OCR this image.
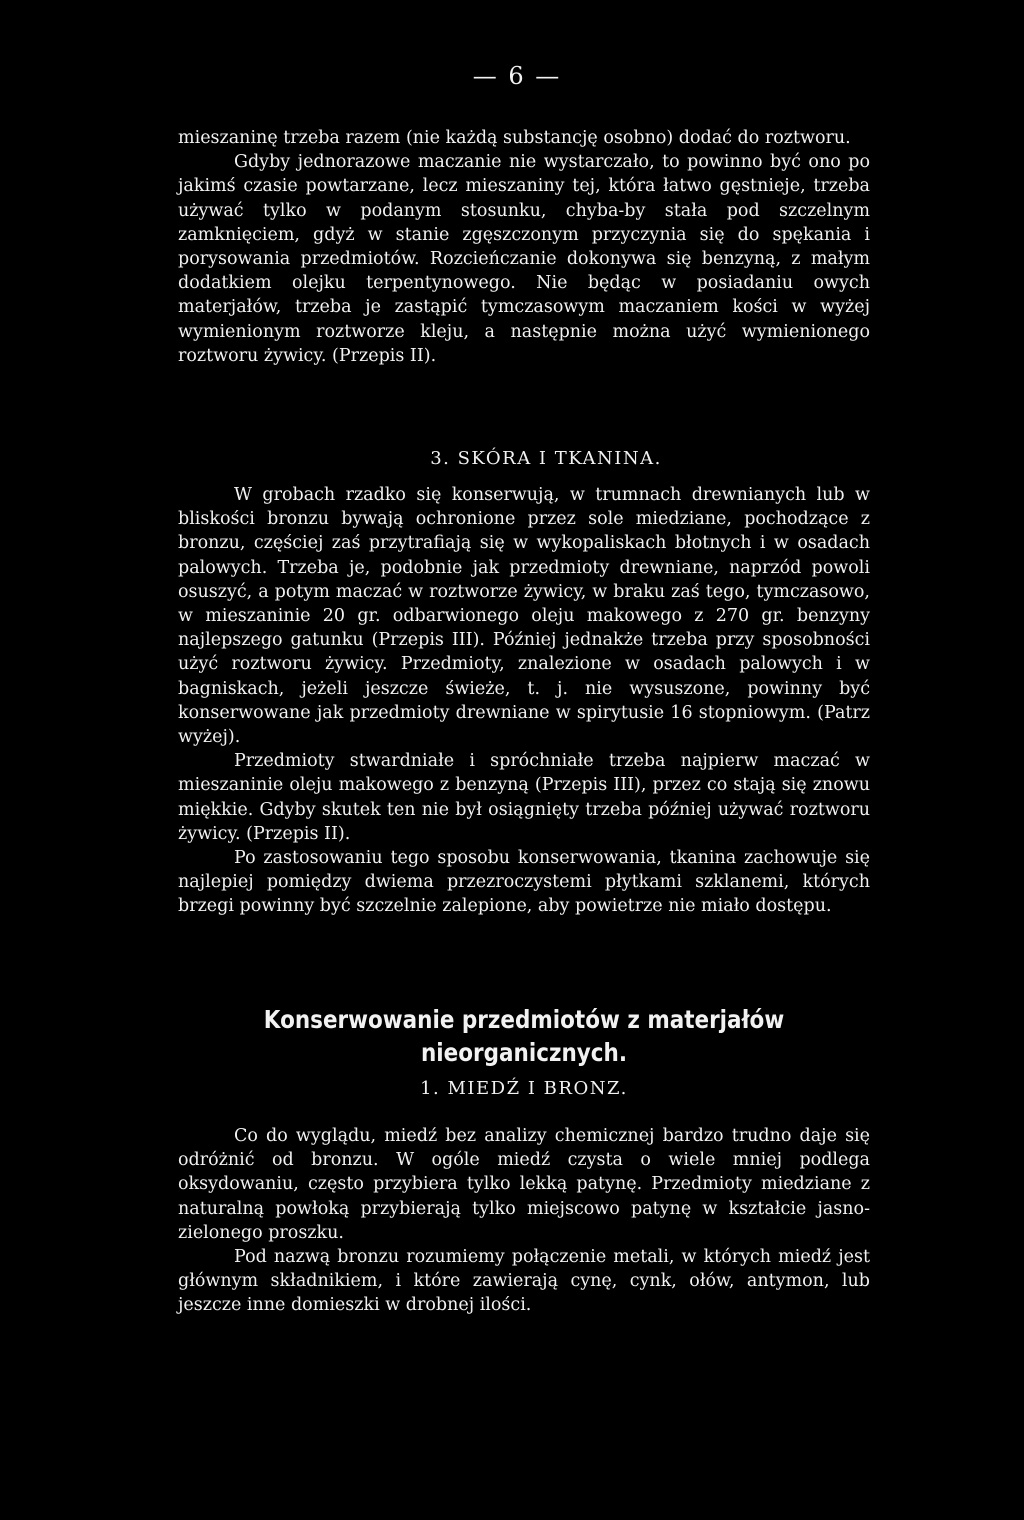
— 6 —

mieszaninę trzeba razem (nie każdą substancję osobno) dodać do roztworu.

Gdyby jednorazowe maczanie nie wystarczało, to powinno być ono po jakimś czasie powtarzane, lecz mieszaniny tej, która łatwo gęstnieje, trzeba używać tylko w podanym stosunku, chyba-by stała pod szczelnym zamknięciem, gdyż w stanie zgęszczonym przyczynia się do spękania i porysowania przedmiotów. Rozcieńczanie dokonywa się benzyną, z małym dodatkiem olejku terpentynowego. Nie będąc w posiadaniu owych materjałów, trzeba je zastąpić tymczasowym maczaniem kości w wyżej wymienionym roztworze kleju, a następnie można użyć wymienionego roztworu żywicy. (Przepis II).

3. SKÓRA I TKANINA.

W grobach rzadko się konserwują, w trumnach drewnianych lub w bliskości bronzu bywają ochronione przez sole miedziane, pochodzące z bronzu, częściej zaś przytrafiają się w wykopaliskach błotnych i w osadach palowych. Trzeba je, podobnie jak przedmioty drewniane, naprzód powoli osuszyć, a potym maczać w roztworze żywicy, w braku zaś tego, tymczasowo, w mieszaninie 20 gr. odbarwionego oleju makowego z 270 gr. benzyny najlepszego gatunku (Przepis III). Później jednakże trzeba przy sposobności użyć roztworu żywicy. Przedmioty, znalezione w osadach palowych i w bagniskach, jeżeli jeszcze świeże, t. j. nie wysuszone, powinny być konserwowane jak przedmioty drewniane w spirytusie 16 stopniowym. (Patrz wyżej).

Przedmioty stwardniałe i spróchniałe trzeba najpierw maczać w mieszaninie oleju makowego z benzyną (Przepis III), przez co stają się znowu miękkie. Gdyby skutek ten nie był osiągnięty trzeba później używać roztworu żywicy. (Przepis II).

Po zastosowaniu tego sposobu konserwowania, tkanina zachowuje się najlepiej pomiędzy dwiema przezroczystemi płytkami szklanemi, których brzegi powinny być szczelnie zalepione, aby powietrze nie miało dostępu.

Konserwowanie przedmiotów z materjałów nieorganicznych.
1. MIEDŹ I BRONZ.

Co do wyglądu, miedź bez analizy chemicznej bardzo trudno daje się odróżnić od bronzu. W ogóle miedź czysta o wiele mniej podlega oksydowaniu, często przybiera tylko lekką patynę. Przedmioty miedziane z naturalną powłoką przybierają tylko miejscowo patynę w kształcie jasno-zielonego proszku.

Pod nazwą bronzu rozumiemy połączenie metali, w których miedź jest głównym składnikiem, i które zawierają cynę, cynk, ołów, antymon, lub jeszcze inne domieszki w drobnej ilości.
